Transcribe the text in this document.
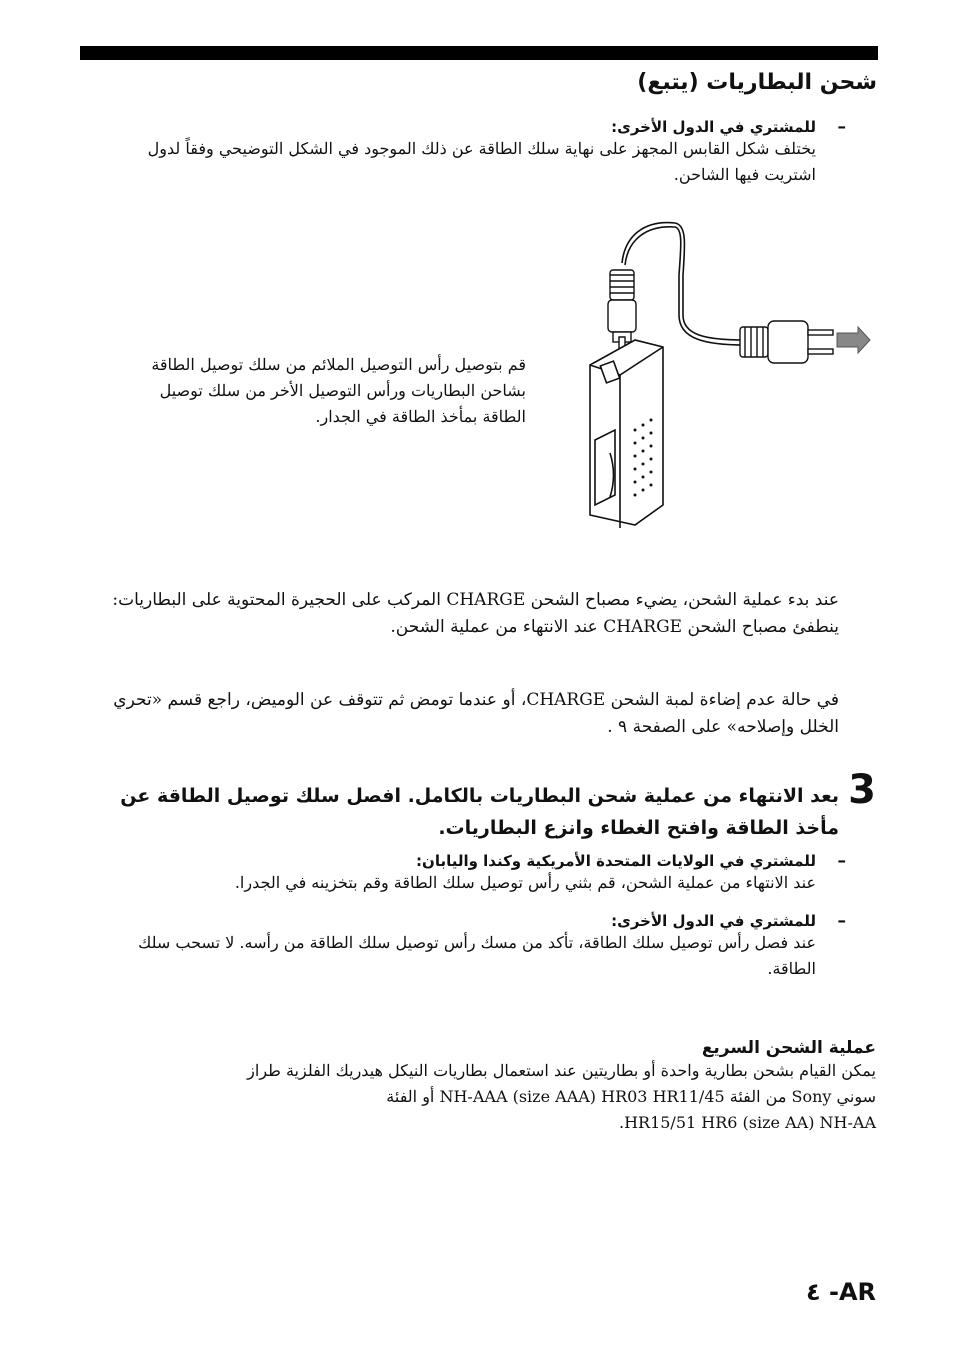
شحن البطاريات (يتبع)
–
للمشتري في الدول الأخرى:
يختلف شكل القابس المجهز على نهاية سلك الطاقة عن ذلك الموجود في الشكل التوضيحي وفقاً لدول اشتريت فيها الشاحن.
قم بتوصيل رأس التوصيل الملائم من سلك توصيل الطاقة بشاحن البطاريات ورأس التوصيل الأخر من سلك توصيل الطاقة بمأخذ الطاقة في الجدار.
عند بدء عملية الشحن، يضيء مصباح الشحن CHARGE المركب على الحجيرة المحتوية على البطاريات: ينطفئ مصباح الشحن CHARGE عند الانتهاء من عملية الشحن.
في حالة عدم إضاءة لمبة الشحن CHARGE، أو عندما تومض ثم تتوقف عن الوميض، راجع قسم «تحري الخلل وإصلاحه» على الصفحة ٩ .
3
بعد الانتهاء من عملية شحن البطاريات بالكامل. افصل سلك توصيل الطاقة عن مأخذ الطاقة وافتح الغطاء وانزع البطاريات.
–
للمشتري في الولايات المتحدة الأمريكية وكندا واليابان:
عند الانتهاء من عملية الشحن، قم بثني رأس توصيل سلك الطاقة وقم بتخزينه في الجدرا.
–
للمشتري في الدول الأخرى:
عند فصل رأس توصيل سلك الطاقة، تأكد من مسك رأس توصيل سلك الطاقة من رأسه. لا تسحب سلك الطاقة.
عملية الشحن السريع
يمكن القيام بشحن بطارية واحدة أو بطاريتين عند استعمال بطاريات النيكل هيدريك الفلزية طراز
سوني Sony من الفئة NH-AAA (size AAA) HR03 HR11/45 أو الفئة
.HR15/51 HR6 (size AA) NH-AA
٤ -AR
